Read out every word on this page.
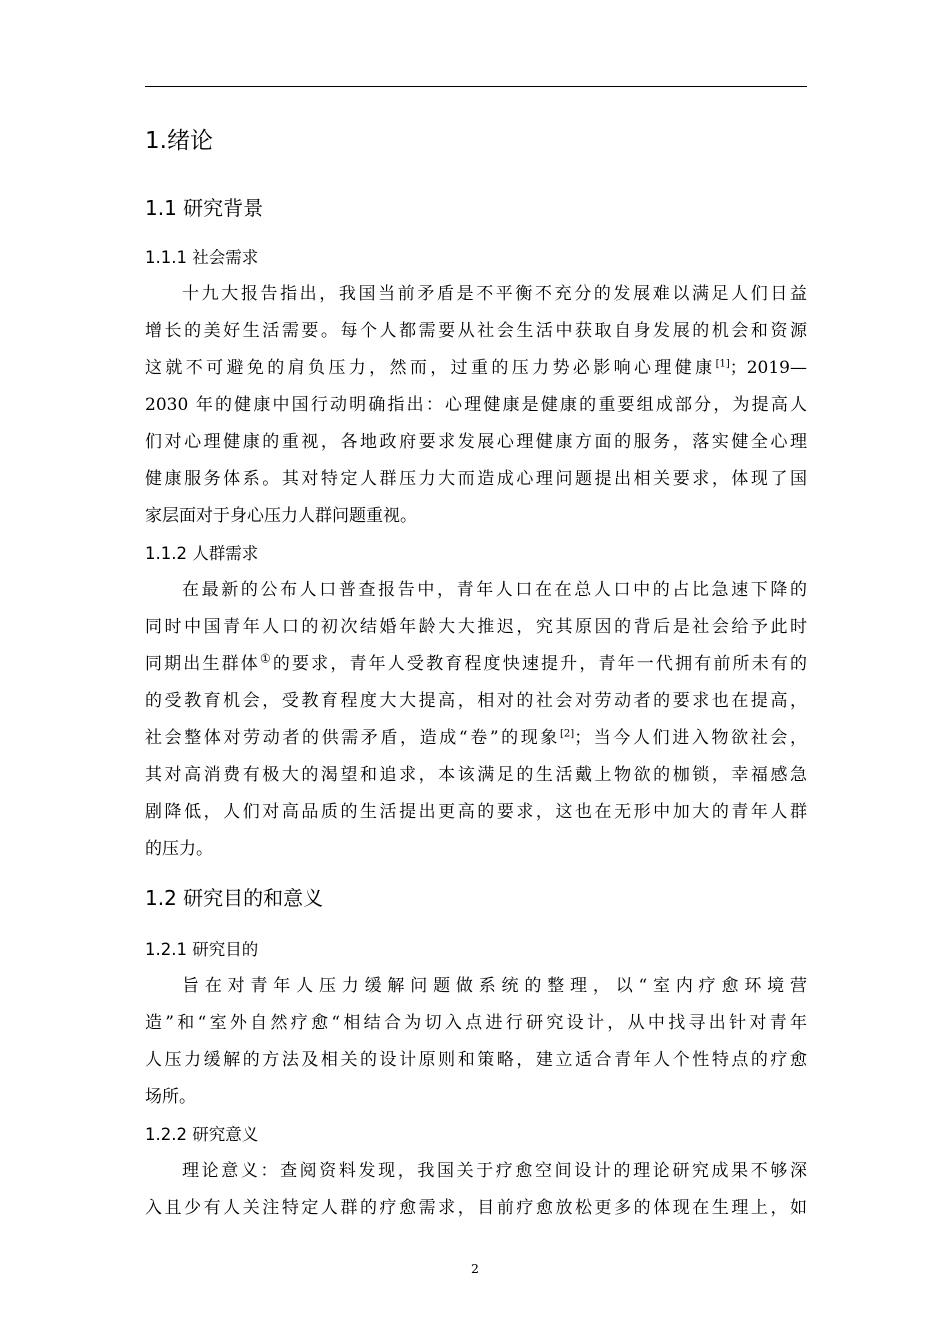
1.绪论
1.1 研究背景
1.1.1 社会需求
十九大报告指出，我国当前矛盾是不平衡不充分的发展难以满足人们日益
增长的美好生活需要。每个人都需要从社会生活中获取自身发展的机会和资源
这就不可避免的肩负压力，然而，过重的压力势必影响心理健康[1]；2019—
2030 年的健康中国行动明确指出：心理健康是健康的重要组成部分，为提高人
们对心理健康的重视，各地政府要求发展心理健康方面的服务，落实健全心理
健康服务体系。其对特定人群压力大而造成心理问题提出相关要求，体现了国
家层面对于身心压力人群问题重视。
1.1.2 人群需求
在最新的公布人口普查报告中，青年人口在在总人口中的占比急速下降的
同时中国青年人口的初次结婚年龄大大推迟，究其原因的背后是社会给予此时
同期出生群体①的要求，青年人受教育程度快速提升，青年一代拥有前所未有的
的受教育机会，受教育程度大大提高，相对的社会对劳动者的要求也在提高，
社会整体对劳动者的供需矛盾，造成“卷”的现象[2]；当今人们进入物欲社会，
其对高消费有极大的渴望和追求，本该满足的生活戴上物欲的枷锁，幸福感急
剧降低，人们对高品质的生活提出更高的要求，这也在无形中加大的青年人群
的压力。
1.2 研究目的和意义
1.2.1 研究目的
旨在对青年人压力缓解问题做系统的整理，以“室内疗愈环境营
造”和“室外自然疗愈“相结合为切入点进行研究设计，从中找寻出针对青年
人压力缓解的方法及相关的设计原则和策略，建立适合青年人个性特点的疗愈
场所。
1.2.2 研究意义
理论意义：查阅资料发现，我国关于疗愈空间设计的理论研究成果不够深
入且少有人关注特定人群的疗愈需求，目前疗愈放松更多的体现在生理上，如
2
